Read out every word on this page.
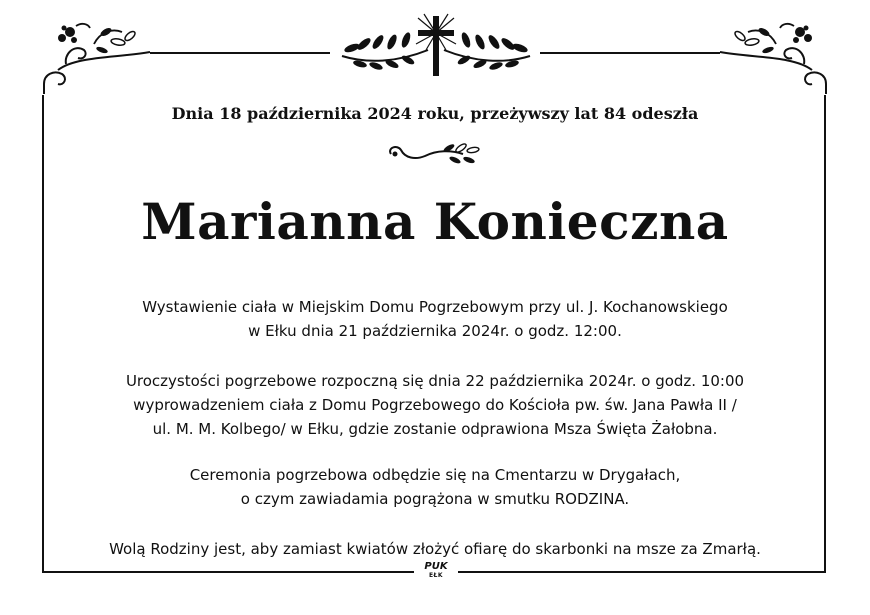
Dnia 18 października 2024 roku, przeżywszy lat 84 odeszła
Marianna Konieczna
Wystawienie ciała w Miejskim Domu Pogrzebowym przy ul. J. Kochanowskiego
w Ełku dnia 21 października 2024r. o godz. 12:00.
Uroczystości pogrzebowe rozpoczną się dnia 22 października 2024r. o godz. 10:00
wyprowadzeniem ciała z Domu Pogrzebowego do Kościoła pw. św. Jana Pawła II /
ul. M. M. Kolbego/ w Ełku, gdzie zostanie odprawiona Msza Święta Żałobna.
Ceremonia pogrzebowa odbędzie się na Cmentarzu w Drygałach,
o czym zawiadamia pogrążona w smutku RODZINA.
Wolą Rodziny jest, aby zamiast kwiatów złożyć ofiarę do skarbonki na msze za Zmarłą.
PUK
EŁK
